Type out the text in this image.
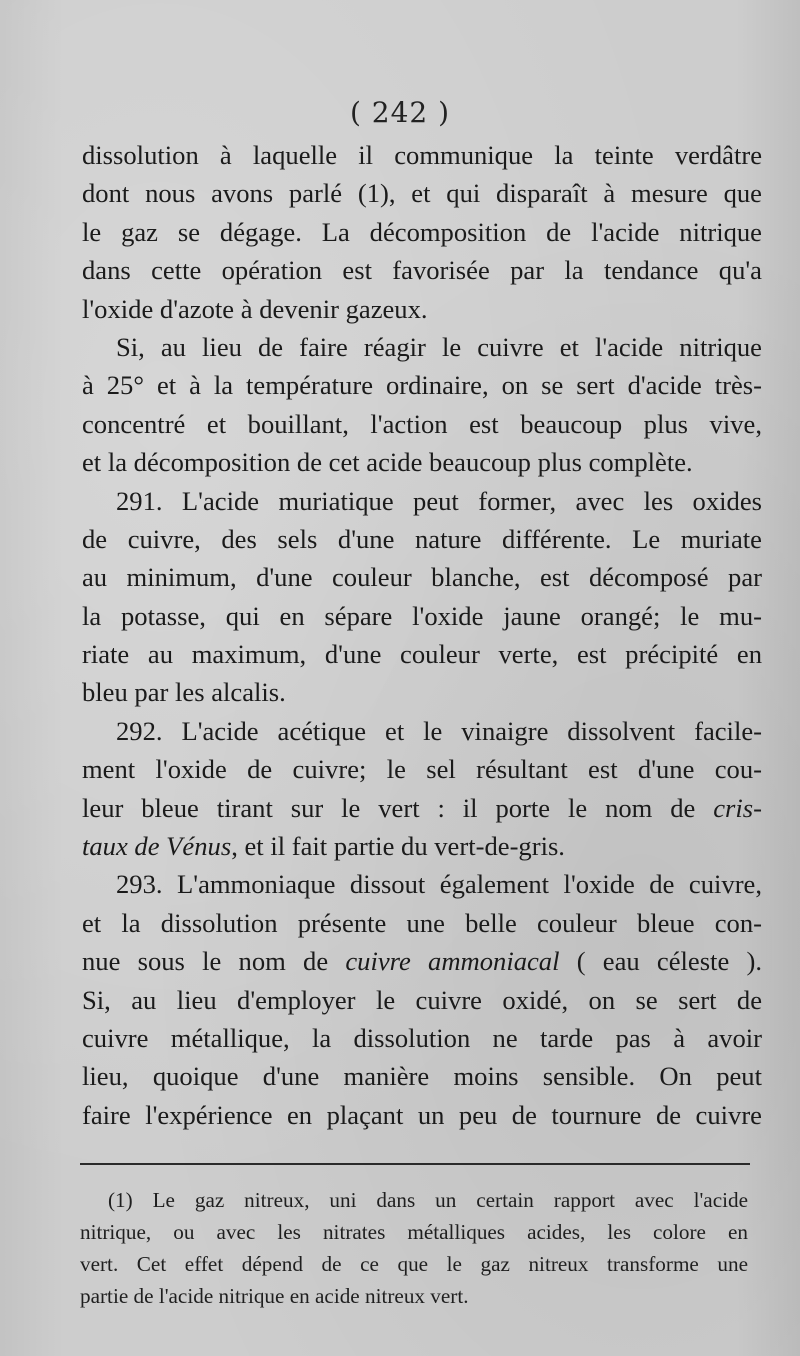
( 242 )
dissolution à laquelle il communique la teinte verdâtre
dont nous avons parlé (1), et qui disparaît à mesure que
le gaz se dégage. La décomposition de l'acide nitrique
dans cette opération est favorisée par la tendance qu'a
l'oxide d'azote à devenir gazeux.
Si, au lieu de faire réagir le cuivre et l'acide nitrique
à 25° et à la température ordinaire, on se sert d'acide très-
concentré et bouillant, l'action est beaucoup plus vive,
et la décomposition de cet acide beaucoup plus complète.
291. L'acide muriatique peut former, avec les oxides
de cuivre, des sels d'une nature différente. Le muriate
au minimum, d'une couleur blanche, est décomposé par
la potasse, qui en sépare l'oxide jaune orangé; le mu-
riate au maximum, d'une couleur verte, est précipité en
bleu par les alcalis.
292. L'acide acétique et le vinaigre dissolvent facile-
ment l'oxide de cuivre; le sel résultant est d'une cou-
leur bleue tirant sur le vert : il porte le nom de cris-
taux de Vénus, et il fait partie du vert-de-gris.
293. L'ammoniaque dissout également l'oxide de cuivre,
et la dissolution présente une belle couleur bleue con-
nue sous le nom de cuivre ammoniacal ( eau céleste ).
Si, au lieu d'employer le cuivre oxidé, on se sert de
cuivre métallique, la dissolution ne tarde pas à avoir
lieu, quoique d'une manière moins sensible. On peut
faire l'expérience en plaçant un peu de tournure de cuivre
(1) Le gaz nitreux, uni dans un certain rapport avec l'acide
nitrique, ou avec les nitrates métalliques acides, les colore en
vert. Cet effet dépend de ce que le gaz nitreux transforme une
partie de l'acide nitrique en acide nitreux vert.
